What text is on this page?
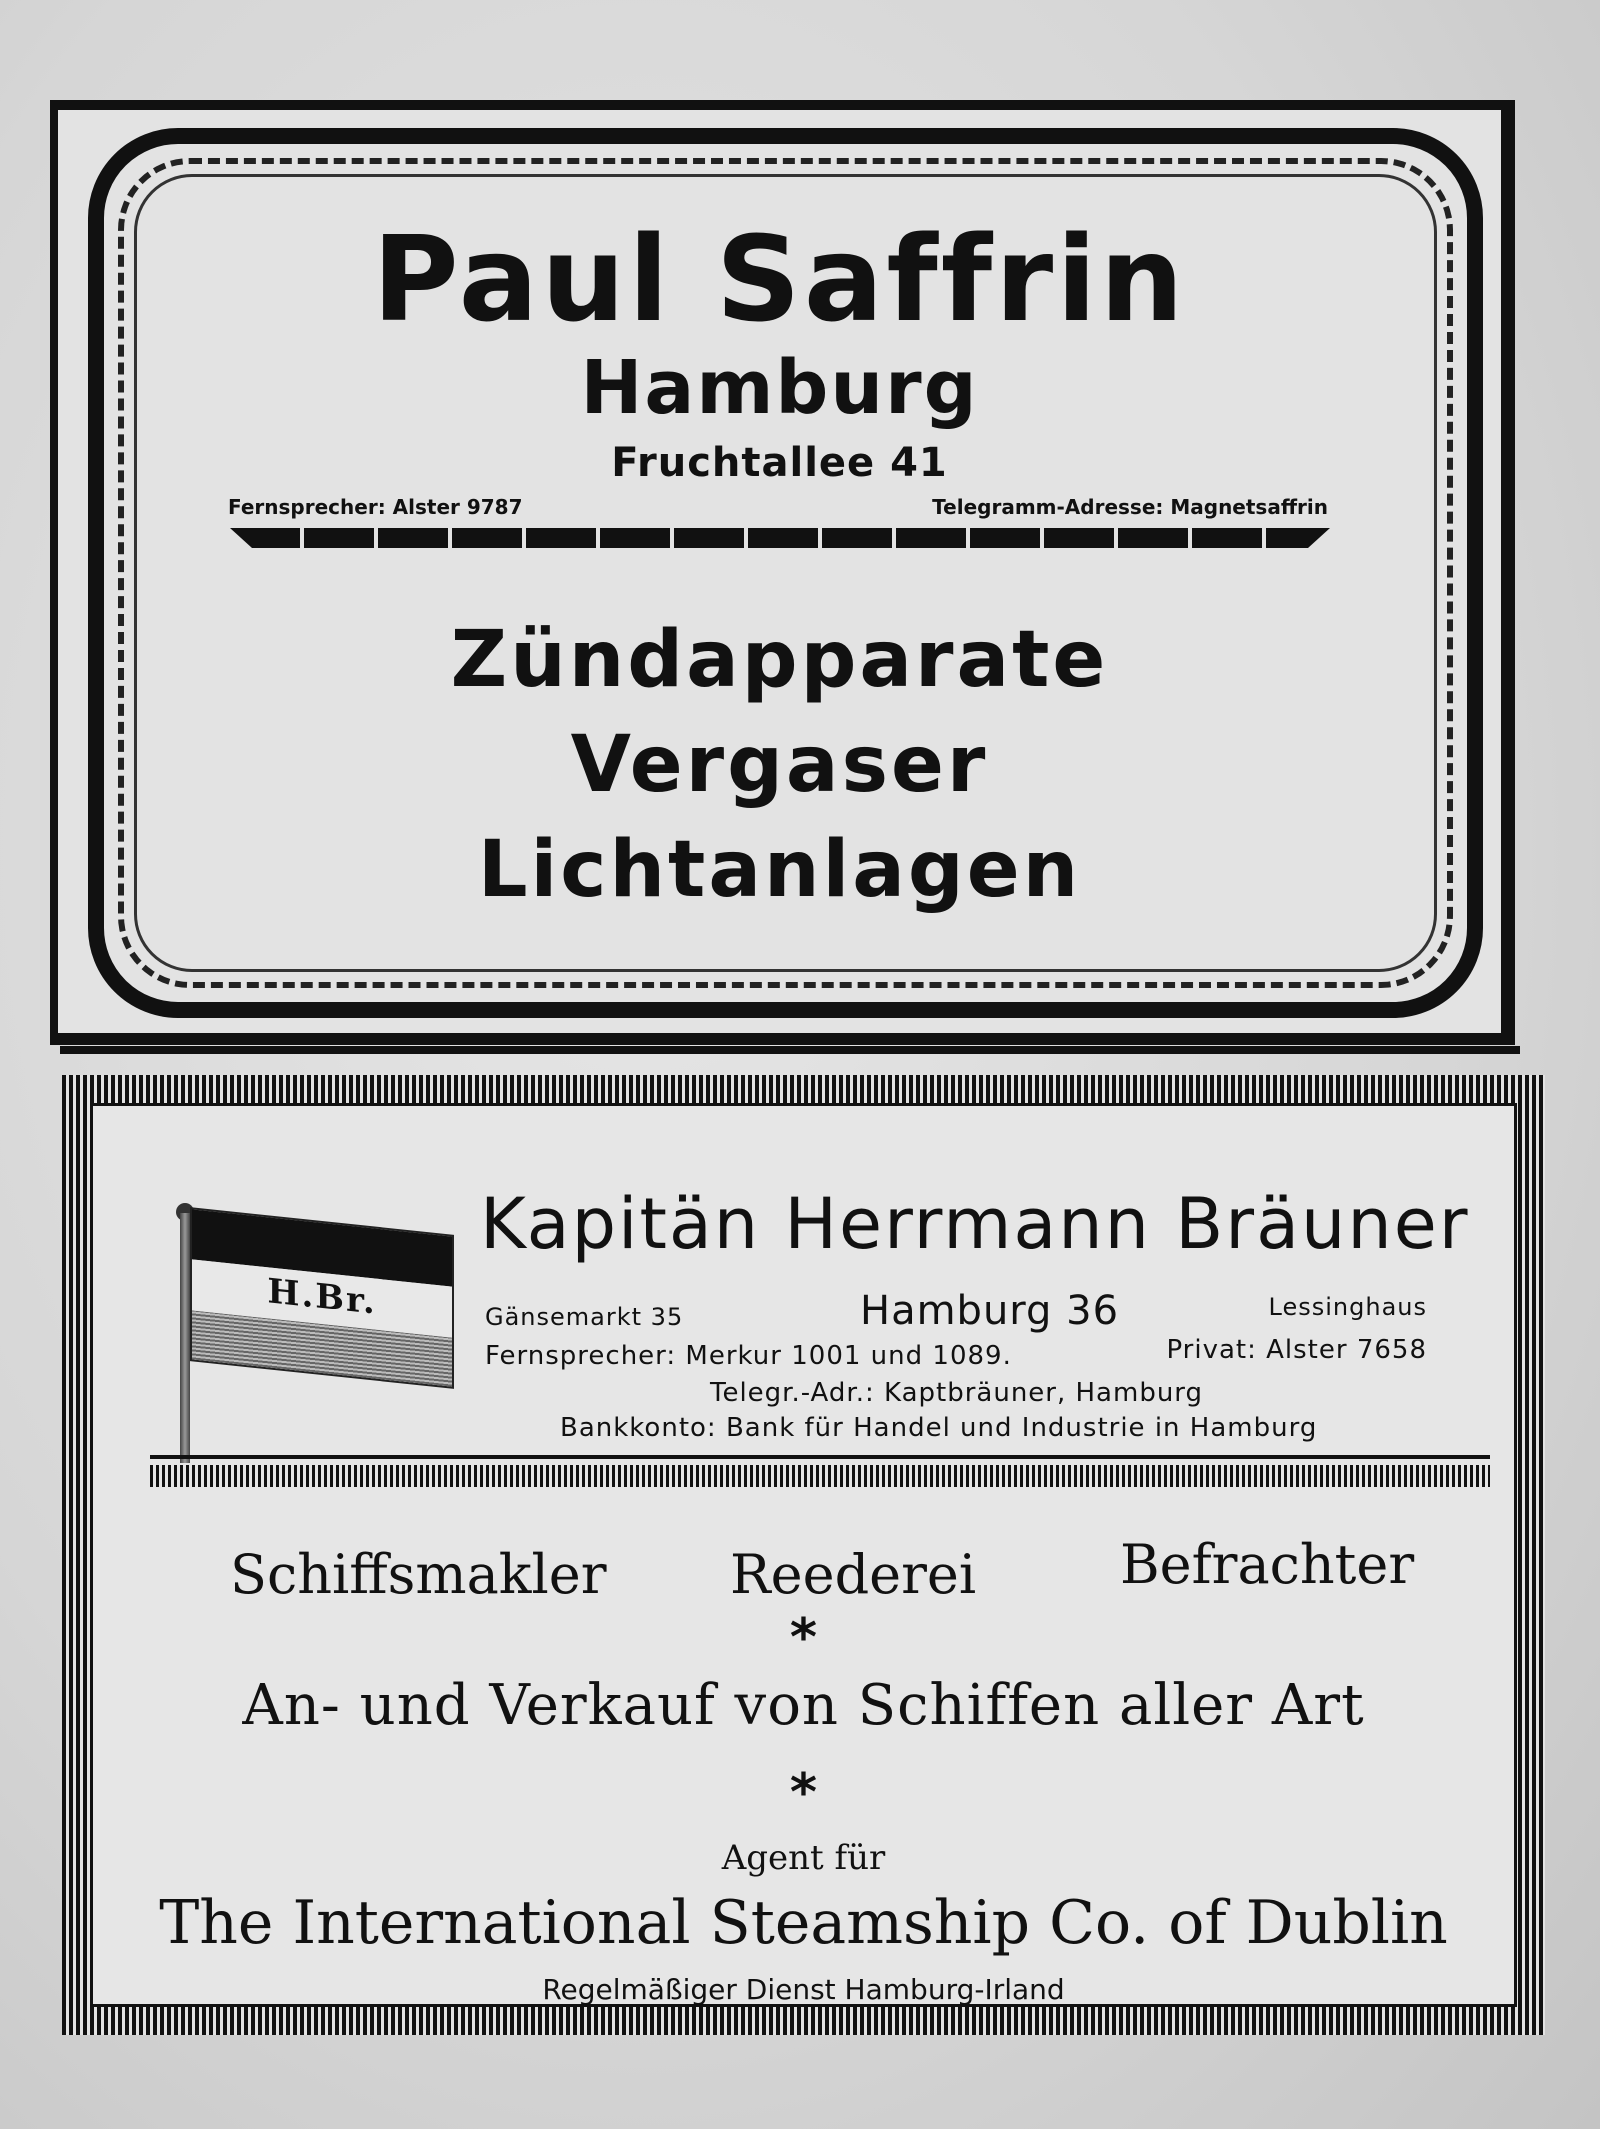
Paul Saffrin
Hamburg
Fruchtallee 41
Fernsprecher: Alster 9787	Telegramm-Adresse: Magnetsaffrin
Zündapparate
Vergaser
Lichtanlagen
H.Br.
Kapitän Herrmann Bräuner
Gänsemarkt 35	Hamburg 36	Lessinghaus
Fernsprecher: Merkur 1001 und 1089.	Privat: Alster 7658
Telegr.-Adr.: Kaptbräuner, Hamburg
Bankkonto: Bank für Handel und Industrie in Hamburg
Schiffsmakler Reederei	Befrachter
*
An- und Verkauf von Schiffen aller Art
*
Agent für
The International Steamship Co. of Dublin
Regelmäßiger Dienst Hamburg-Irland
